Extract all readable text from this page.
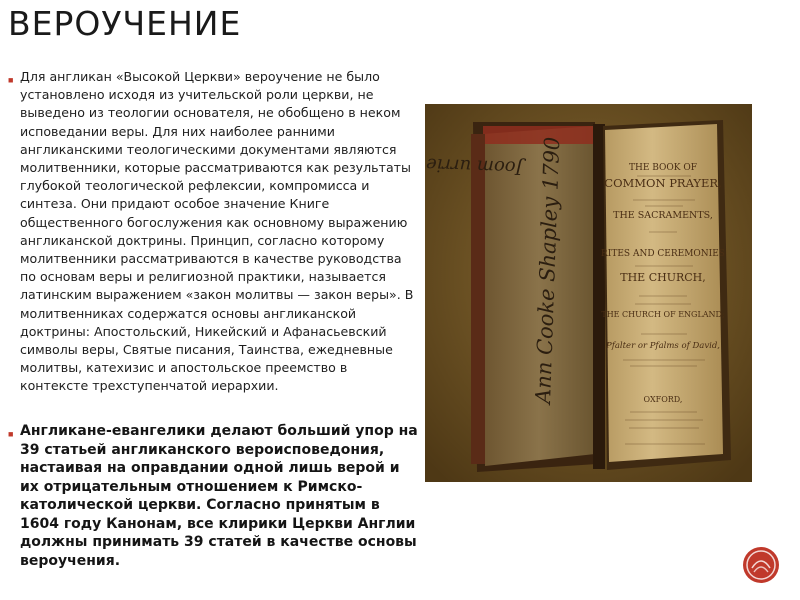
ВЕРОУЧЕНИЕ
■ Для англикан «Высокой Церкви» вероучение не было установлено исходя из учительской роли церкви, не выведено из теологии основателя, не обобщено в неком исповедании веры. Для них наиболее ранними англиканскими теологическими документами являются молитвенники, которые рассматриваются как результаты глубокой теологической рефлексии, компромисса и синтеза. Они придают особое значение Книге общественного богослужения как основному выражению англиканской доктрины. Принцип, согласно которому молитвенники рассматриваются в качестве руководства по основам веры и религиозной практики, называется латинским выражением «закон молитвы — закон веры». В молитвенниках содержатся основы англиканской доктрины: Апостольский, Никейский и Афанасьевский символы веры, Святые писания, Таинства, ежедневные молитвы, катехизис и апостольское преемство в контексте трехступенчатой иерархии.
■ Англикане-евангелики делают больший упор на 39 статьей англиканского вероисповедония, настаивая на оправдании одной лишь верой и их отрицательным отношением к Римско-католической церкви. Согласно принятым в 1604 году Канонам, все клирики Церкви Англии должны принимать 39 статей в качестве основы вероучения.
Ann Cooke Shapley 1790
Joom urrie	THE BOOK OF
COMMON PRAYER,
THE SACRAMENTS,
RITES AND CEREMONIES
THE CHURCH,
THE CHURCH OF ENGLAND;
Pfalter or Pfalms of David,
OXFORD,
